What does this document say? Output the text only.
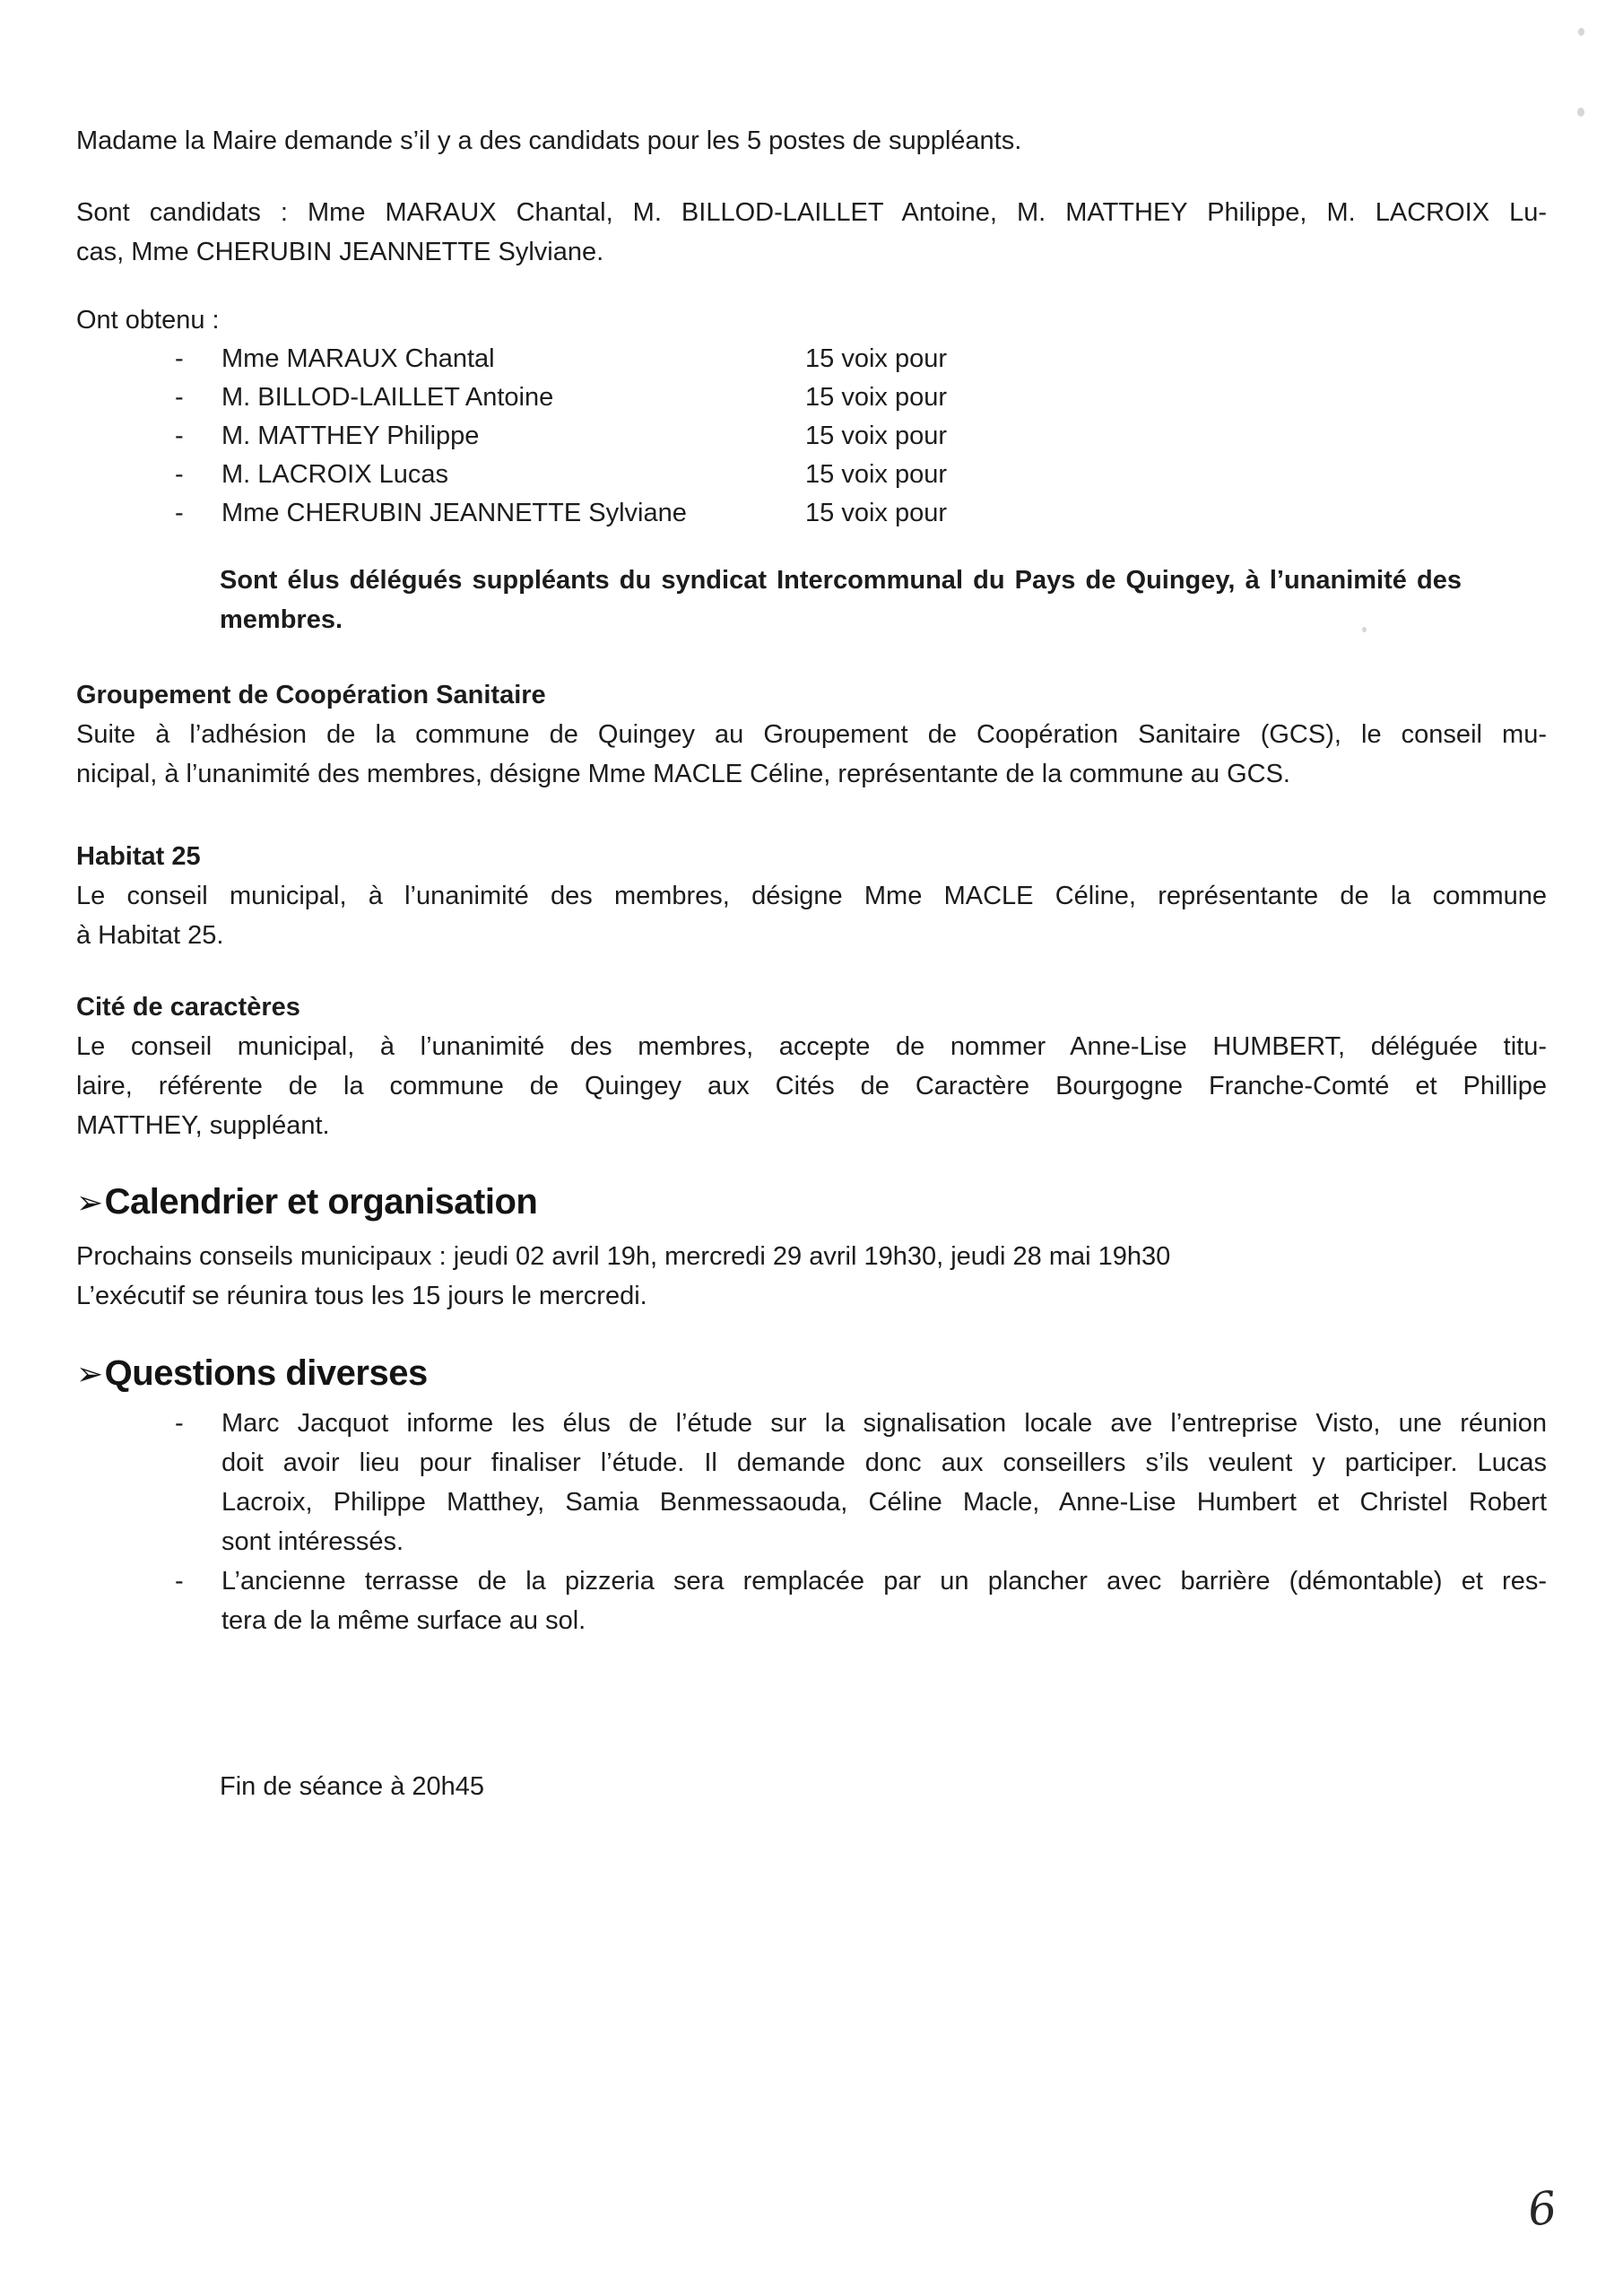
Madame la Maire demande s’il y a des candidats pour les 5 postes de suppléants.
Sont candidats : Mme MARAUX Chantal, M. BILLOD-LAILLET Antoine, M. MATTHEY Philippe, M. LACROIX Lu-
cas, Mme CHERUBIN JEANNETTE Sylviane.
Ont obtenu :
- Mme MARAUX Chantal	15 voix pour
- M. BILLOD-LAILLET Antoine	15 voix pour
- M. MATTHEY Philippe	15 voix pour
- M. LACROIX Lucas	15 voix pour
- Mme CHERUBIN JEANNETTE Sylviane	15 voix pour
Sont élus délégués suppléants du syndicat Intercommunal du Pays de Quingey, à l’unanimité des
membres.
Groupement de Coopération Sanitaire
Suite à l’adhésion de la commune de Quingey au Groupement de Coopération Sanitaire (GCS), le conseil mu-
nicipal, à l’unanimité des membres, désigne Mme MACLE Céline, représentante de la commune au GCS.
Habitat 25
Le conseil municipal, à l’unanimité des membres, désigne Mme MACLE Céline, représentante de la commune
à Habitat 25.
Cité de caractères
Le conseil municipal, à l’unanimité des membres, accepte de nommer Anne-Lise HUMBERT, déléguée titu-
laire, référente de la commune de Quingey aux Cités de Caractère Bourgogne Franche-Comté et Phillipe
MATTHEY, suppléant.
➢Calendrier et organisation
Prochains conseils municipaux : jeudi 02 avril 19h, mercredi 29 avril 19h30, jeudi 28 mai 19h30
L’exécutif se réunira tous les 15 jours le mercredi.
➢Questions diverses
- Marc Jacquot informe les élus de l’étude sur la signalisation locale ave l’entreprise Visto, une réunion
doit avoir lieu pour finaliser l’étude. Il demande donc aux conseillers s’ils veulent y participer. Lucas
Lacroix, Philippe Matthey, Samia Benmessaouda, Céline Macle, Anne-Lise Humbert et Christel Robert
sont intéressés.
- L’ancienne terrasse de la pizzeria sera remplacée par un plancher avec barrière (démontable) et res-
tera de la même surface au sol.
Fin de séance à 20h45
6
